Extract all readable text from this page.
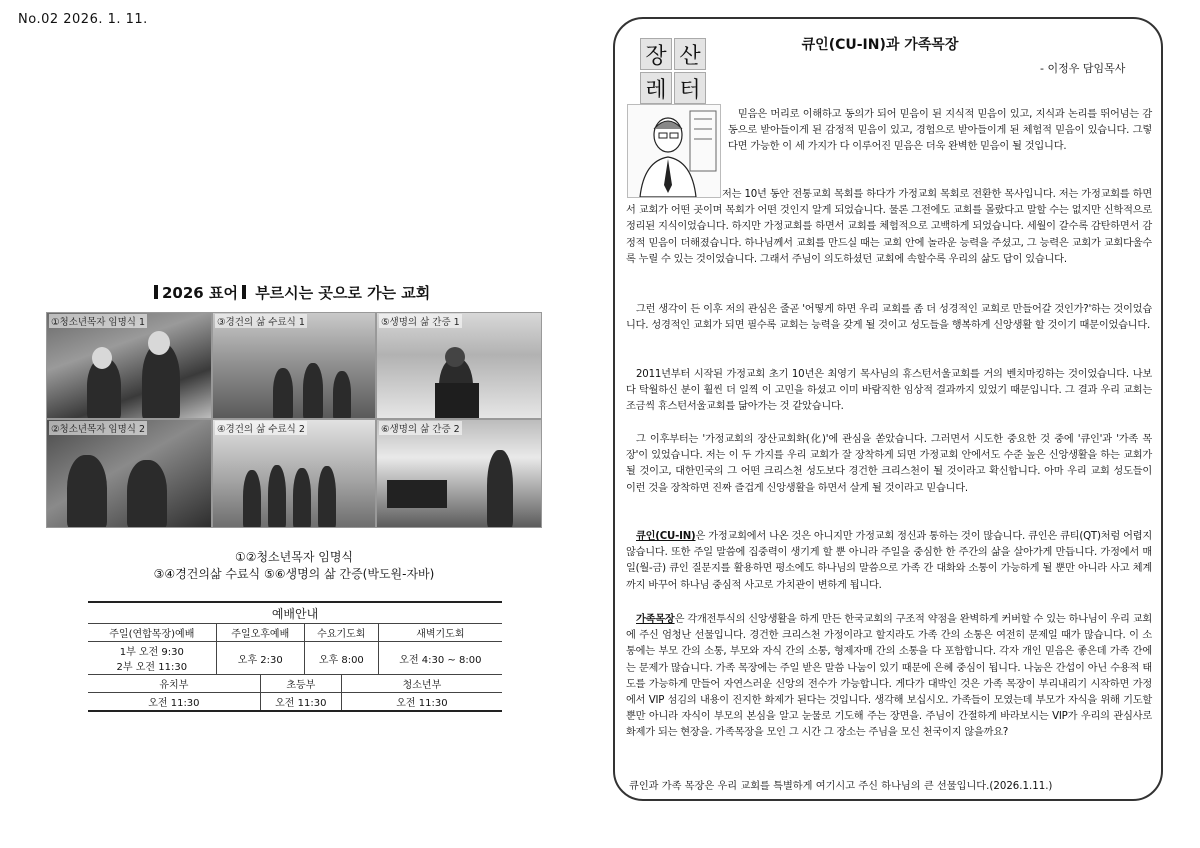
No.02 2026. 1. 11.
2026 표어 부르시는 곳으로 가는 교회
①청소년목자 임명식 1	③경건의 삶 수료식 1	⑤생명의 삶 간증 1
②청소년목자 임명식 2	④경건의 삶 수료식 2	⑥생명의 삶 간증 2
①②청소년목자 임명식
③④경건의삶 수료식 ⑤⑥생명의 삶 간증(박도원-자바)
예배안내					
주일(연합목장)예배	주일오후예배		수요기도회		새벽기도회

1부 오전 9:30
2부 오전 11:30	오후 2:30		오후 8:00		오전 4:30 ~ 8:00
유치부		초등부		청소년부	
오전 11:30		오전 11:30		오전 11:30	
장 산
레 터
큐인(CU-IN)과 가족목장
- 이정우 담임목사
믿음은 머리로 이해하고 동의가 되어 믿음이 된 지식적 믿음이 있고, 지식과 논리를 뛰어넘는 감동으로 받아들이게 된 감정적 믿음이 있고, 경험으로 받아들이게 된 체험적 믿음이 있습니다. 그렇다면 가능한 이 세 가지가 다 이루어진 믿음은 더욱 완벽한 믿음이 될 것입니다.
저는 10년 동안 전통교회 목회를 하다가 가정교회 목회로 전환한 목사입니다. 저는 가정교회를 하면서 교회가 어떤 곳이며 목회가 어떤 것인지 알게 되었습니다. 물론 그전에도 교회를 몰랐다고 말할 수는 없지만 신학적으로 정리된 지식이었습니다. 하지만 가정교회를 하면서 교회를 체험적으로 고백하게 되었습니다. 세월이 갈수록 감탄하면서 감정적 믿음이 더해졌습니다. 하나님께서 교회를 만드실 때는 교회 안에 놀라운 능력을 주셨고, 그 능력은 교회가 교회다울수록 누릴 수 있는 것이었습니다. 그래서 주님이 의도하셨던 교회에 속할수록 우리의 삶도 답이 있습니다.
그런 생각이 든 이후 저의 관심은 줄곧 '어떻게 하면 우리 교회를 좀 더 성경적인 교회로 만들어갈 것인가?'하는 것이었습니다. 성경적인 교회가 되면 필수록 교회는 능력을 갖게 될 것이고 성도들을 행복하게 신앙생활 할 것이기 때문이었습니다.
2011년부터 시작된 가정교회 초기 10년은 최영기 목사님의 휴스턴서울교회를 거의 벤치마킹하는 것이었습니다. 나보다 탁월하신 분이 훨씬 더 일찍 이 고민을 하셨고 이미 바람직한 임상적 결과까지 있었기 때문입니다. 그 결과 우리 교회는 조금씩 휴스턴서울교회를 닮아가는 것 같았습니다.
그 이후부터는 '가정교회의 장산교회화(化)'에 관심을 쏟았습니다. 그러면서 시도한 중요한 것 중에 '큐인'과 '가족 목장'이 있었습니다. 저는 이 두 가지를 우리 교회가 잘 장착하게 되면 가정교회 안에서도 수준 높은 신앙생활을 하는 교회가 될 것이고, 대한민국의 그 어떤 크리스천 성도보다 경건한 크리스천이 될 것이라고 확신합니다. 아마 우리 교회 성도들이 이런 것을 장착하면 진짜 즐겁게 신앙생활을 하면서 살게 될 것이라고 믿습니다.
큐인(CU-IN)은 가정교회에서 나온 것은 아니지만 가정교회 정신과 통하는 것이 많습니다. 큐인은 큐티(QT)처럼 어렵지 않습니다. 또한 주일 말씀에 집중력이 생기게 할 뿐 아니라 주일을 중심한 한 주간의 삶을 살아가게 만듭니다. 가정에서 매일(월-금) 큐인 질문지를 활용하면 평소에도 하나님의 말씀으로 가족 간 대화와 소통이 가능하게 될 뿐만 아니라 사고 체계까지 바꾸어 하나님 중심적 사고로 가치관이 변하게 됩니다.
가족목장은 각개전투식의 신앙생활을 하게 만든 한국교회의 구조적 약점을 완벽하게 커버할 수 있는 하나님이 우리 교회에 주신 엄청난 선물입니다. 경건한 크리스천 가정이라고 할지라도 가족 간의 소통은 여전히 문제일 때가 많습니다. 이 소통에는 부모 간의 소통, 부모와 자식 간의 소통, 형제자매 간의 소통을 다 포함합니다. 각자 개인 믿음은 좋은데 가족 간에는 문제가 많습니다. 가족 목장에는 주일 받은 말씀 나눔이 있기 때문에 은혜 중심이 됩니다. 나눔은 간섭이 아닌 수용적 태도를 가능하게 만들어 자연스러운 신앙의 전수가 가능합니다. 게다가 대박인 것은 가족 목장이 부리내리기 시작하면 가정에서 VIP 섬김의 내용이 진지한 화제가 된다는 것입니다. 생각해 보십시오. 가족들이 모였는데 부모가 자식을 위해 기도할 뿐만 아니라 자식이 부모의 본심을 알고 눈물로 기도해 주는 장면을. 주님이 간절하게 바라보시는 VIP가 우리의 관심사로 화제가 되는 현장을. 가족목장을 모인 그 시간 그 장소는 주님을 모신 천국이지 않을까요?
큐인과 가족 목장은 우리 교회를 특별하게 여기시고 주신 하나님의 큰 선물입니다.(2026.1.11.)
